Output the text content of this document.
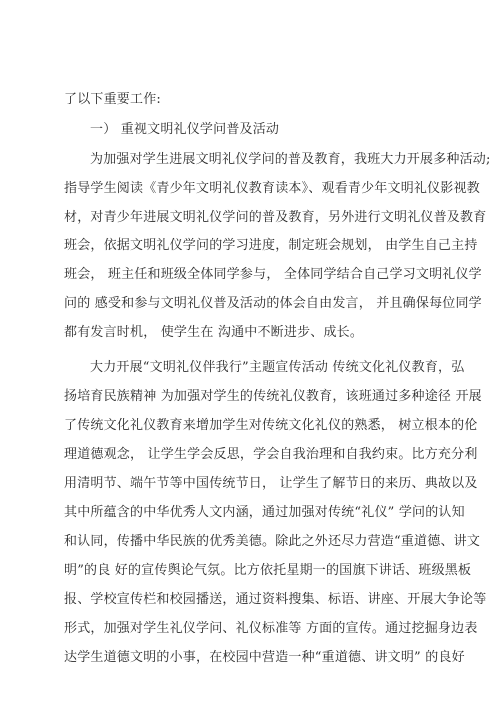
了以下重要工作:
一） 重视文明礼仪学问普及活动
为加强对学生进展文明礼仪学问的普及教育，我班大力开展多种活动;
指导学生阅读《青少年文明礼仪教育读本》、观看青少年文明礼仪影视教
材，对青少年进展文明礼仪学问的普及教育，另外进行文明礼仪普及教育
班会，依据文明礼仪学问的学习进度，制定班会规划， 由学生自己主持
班会， 班主任和班级全体同学参与， 全体同学结合自己学习文明礼仪学
问的 感受和参与文明礼仪普及活动的体会自由发言， 并且确保每位同学
都有发言时机， 使学生在 沟通中不断进步、成长。
大力开展“文明礼仪伴我行”主题宣传活动 传统文化礼仪教育，弘
扬培育民族精神 为加强对学生的传统礼仪教育，该班通过多种途径 开展
了传统文化礼仪教育来增加学生对传统文化礼仪的熟悉， 树立根本的伦
理道德观念， 让学生学会反思，学会自我治理和自我约束。比方充分利
用清明节、端午节等中国传统节日， 让学生了解节日的来历、典故以及
其中所蕴含的中华优秀人文内涵，通过加强对传统“礼仪” 学问的认知
和认同，传播中华民族的优秀美德。除此之外还尽力营造“重道德、讲文
明”的良 好的宣传舆论气氛。比方依托星期一的国旗下讲话、班级黑板
报、学校宣传栏和校园播送，通过资料搜集、标语、讲座、开展大争论等
形式，加强对学生礼仪学问、礼仪标准等 方面的宣传。通过挖掘身边表
达学生道德文明的小事，在校园中营造一种“重道德、讲文明” 的良好
